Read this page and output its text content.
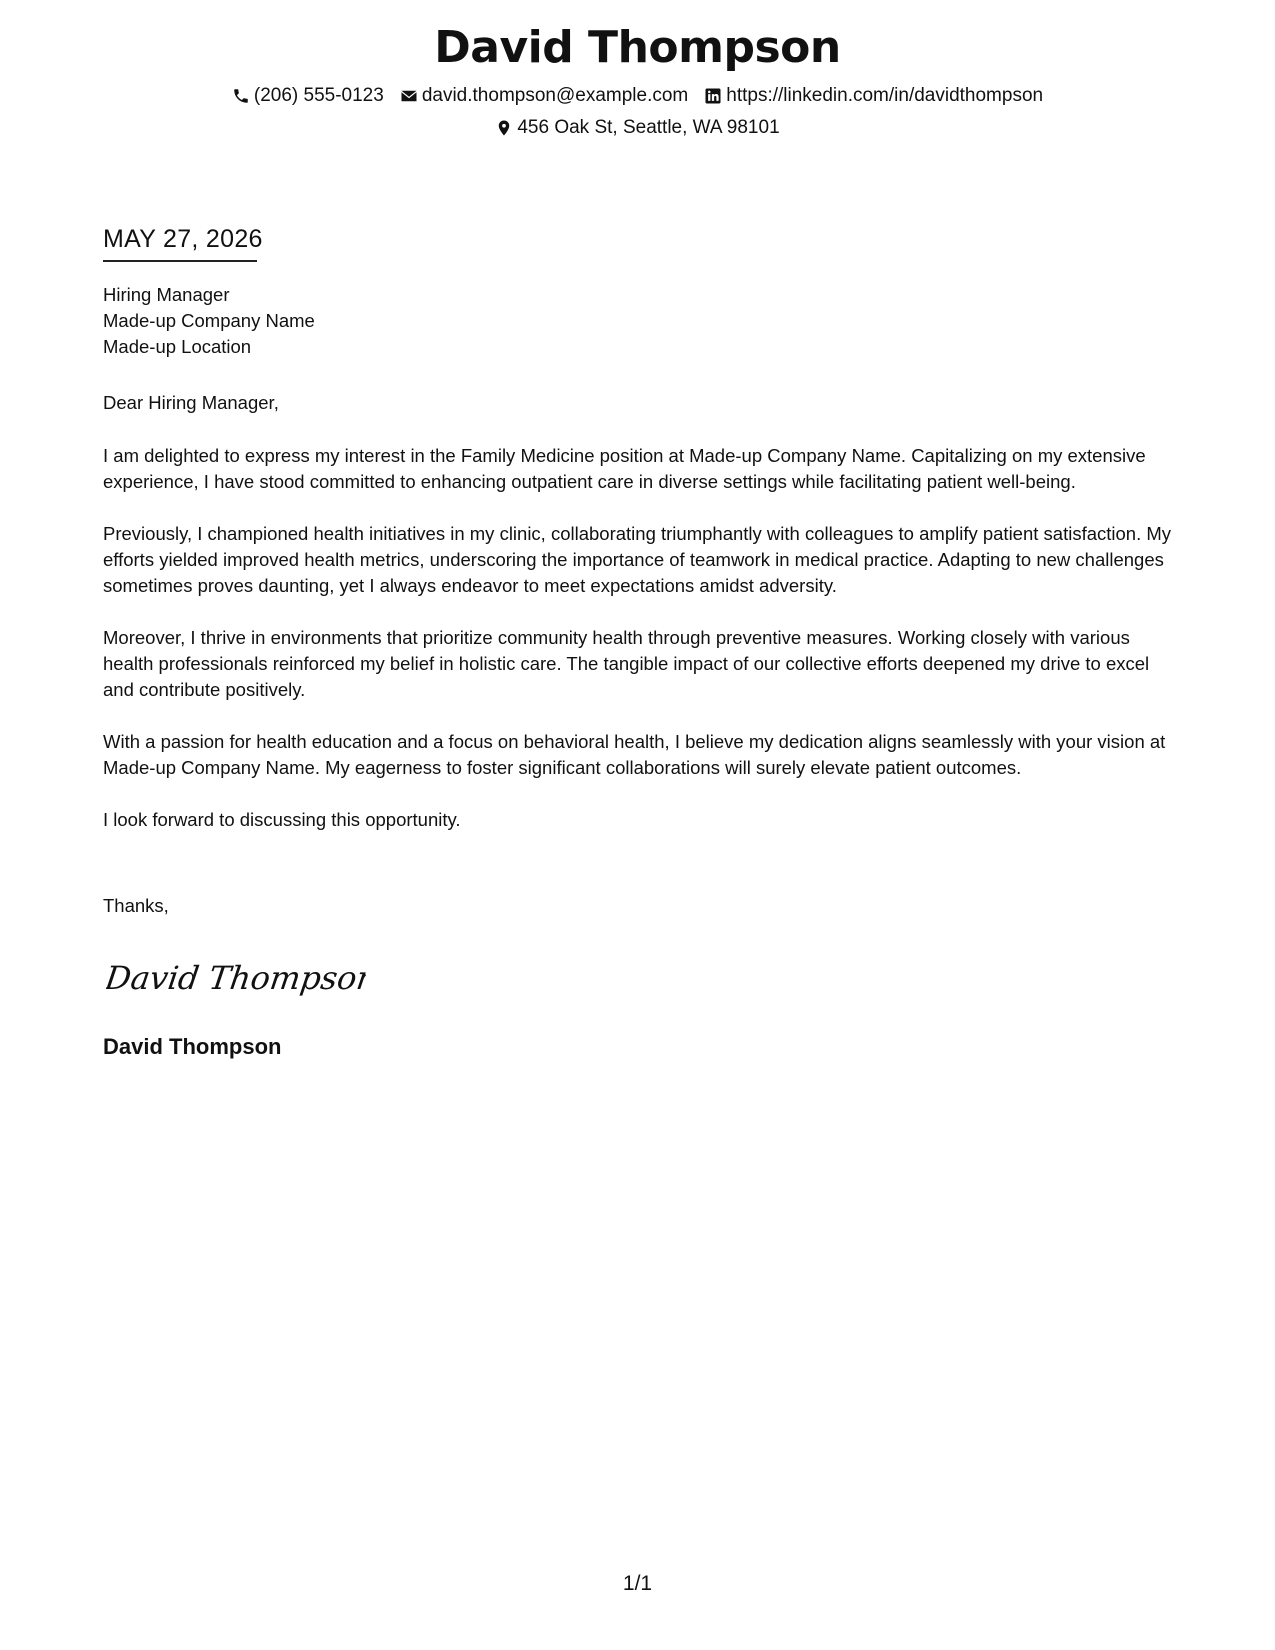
David Thompson
(206) 555-0123 david.thompson@example.com https://linkedin.com/in/davidthompson
456 Oak St, Seattle, WA 98101
MAY 27, 2026
Hiring Manager
Made-up Company Name
Made-up Location
Dear Hiring Manager,

I am delighted to express my interest in the Family Medicine position at Made-up Company Name. Capitalizing on my extensive experience, I have stood committed to enhancing outpatient care in diverse settings while facilitating patient well-being.

Previously, I championed health initiatives in my clinic, collaborating triumphantly with colleagues to amplify patient satisfaction. My efforts yielded improved health metrics, underscoring the importance of teamwork in medical practice. Adapting to new challenges sometimes proves daunting, yet I always endeavor to meet expectations amidst adversity.

Moreover, I thrive in environments that prioritize community health through preventive measures. Working closely with various health professionals reinforced my belief in holistic care. The tangible impact of our collective efforts deepened my drive to excel and contribute positively.

With a passion for health education and a focus on behavioral health, I believe my dedication aligns seamlessly with your vision at Made-up Company Name. My eagerness to foster significant collaborations will surely elevate patient outcomes.

I look forward to discussing this opportunity.

Thanks,
David Thompson
David Thompson
1/1
